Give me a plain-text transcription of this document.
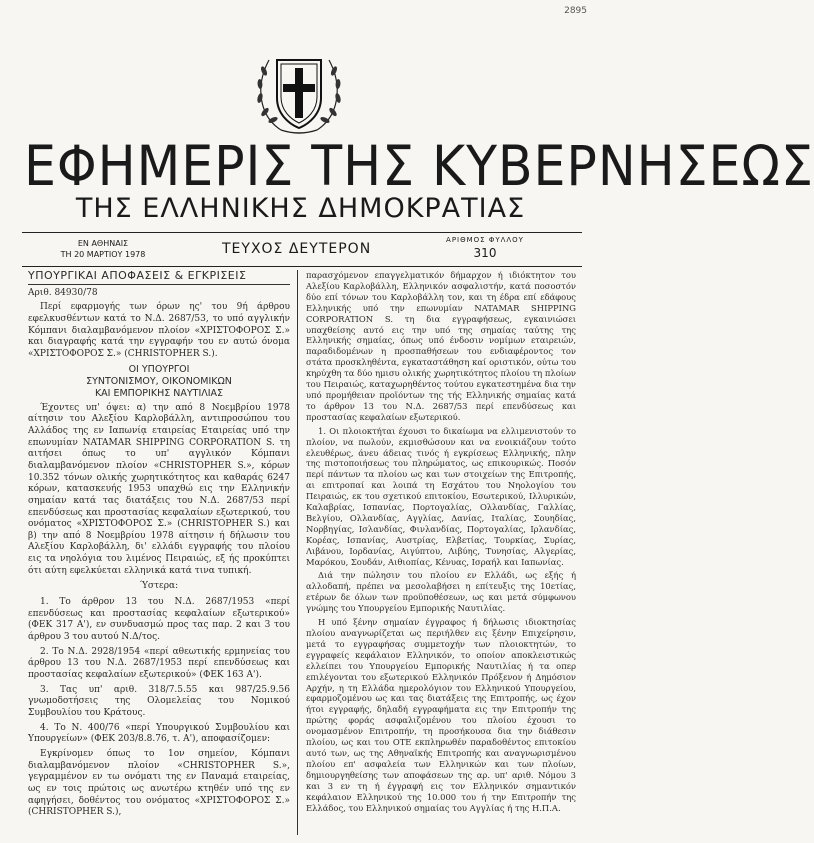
2895
ΕΦΗΜΕΡΙΣ ΤΗΣ ΚΥΒΕΡΝΗΣΕΩΣ
ΤΗΣ ΕΛΛΗΝΙΚΗΣ ΔΗΜΟΚΡΑΤΙΑΣ
ΕΝ ΑΘΗΝΑΙΣ
ΤΗ 20 ΜΑΡΤΙΟΥ 1978	ΤΕΥΧΟΣ ΔΕΥΤΕΡΟΝ
ΑΡΙΘΜΟΣ ΦΥΛΛΟΥ
310

ΥΠΟΥΡΓΙΚΑΙ ΑΠΟΦΑΣΕΙΣ & ΕΓΚΡΙΣΕΙΣ

Αριθ. 84930/78

Περί εφαρμογής των όρων ης' του 9ή άρθρου εφελκυσθέντων κατά το Ν.Δ. 2687/53, το υπό αγγλικήν Κόμπανι διαλαμβανόμενον πλοίον «ΧΡΙΣΤΟΦΟΡΟΣ Σ.» και διαγραφής κατά την εγγραφήν του εν αυτώ όνομα «ΧΡΙΣΤΟΦΟΡΟΣ Σ.» (CHRISTOPHER S.).

ΟΙ ΥΠΟΥΡΓΟΙ
ΣΥΝΤΟΝΙΣΜΟΥ, ΟΙΚΟΝΟΜΙΚΩΝ
ΚΑΙ ΕΜΠΟΡΙΚΗΣ ΝΑΥΤΙΛΙΑΣ

Έχοντες υπ' όψει: α) την από 8 Νοεμβρίου 1978 αίτησιν του Αλεξίου Καρλοβάλλη, αντιπροσώπου του Αλλάδος της εν Ιαπωνίᾳ εταιρείας Εταιρείας υπό την επωνυμίαν NATAMAR SHIPPING CORPORATION S. τη αιτήσει όπως το υπ' αγγλικόν Κόμπανι διαλαμβανόμενον πλοίον «CHRISTOPHER S.», κόρων 10.352 τόνων ολικής χωρητικότητος και καθαράς 6247 κόρων, κατασκευής 1953 υπαχθώ εις την Ελληνικήν σημαίαν κατά τας διατάξεις του Ν.Δ. 2687/53 περί επενδύσεως και προστασίας κεφαλαίων εξωτερικού, του ονόματος «ΧΡΙΣΤΟΦΟΡΟΣ Σ.» (CHRISTOPHER S.) και β) την από 8 Νοεμβρίου 1978 αίτησιν ή δήλωσιν του Αλεξίου Καρλοβάλλη, δι' ελλάδι εγγραφής του πλοίου εις τα νηολόγια του λιμένος Πειραιώς, εξ ής προκύπτει ότι αύτη εφελκύεται ελληνικά κατά τινα τυπική.

Ύστερα:

1. Το άρθρον 13 του Ν.Δ. 2687/1953 «περί επενδύσεως και προστασίας κεφαλαίων εξωτερικού» (ΦΕΚ 317 Α'), εν συνδυασμώ προς τας παρ. 2 και 3 του άρθρου 3 του αυτού Ν.Δ/τος.

2. Το Ν.Δ. 2928/1954 «περί αθεωτικής ερμηνείας του άρθρου 13 του Ν.Δ. 2687/1953 περί επενδύσεως και προστασίας κεφαλαίων εξωτερικού» (ΦΕΚ 163 Α').

3. Τας υπ' αριθ. 318/7.5.55 και 987/25.9.56 γνωμοδοτήσεις της Ολομελείας του Νομικού Συμβουλίου του Κράτους.

4. Το Ν. 400/76 «περί Υπουργικού Συμβουλίου και Υπουργείων» (ΦΕΚ 203/8.8.76, τ. Α'), αποφασίζομεν:

Εγκρίνομεν όπως το 1ον σημείον, Κόμπανι διαλαμβανόμενον πλοίον «CHRISTOPHER S.», γεγραμμένον εν τω ονόματι της εν Παναμά εταιρείας, ως εν τοις πρώτοις ως ανωτέρω κτηθέν υπό της εν αφηγήσει, δοθέντος του ονόματος «ΧΡΙΣΤΟΦΟΡΟΣ Σ.» (CHRISTOPHER S.),

παρασχόμενον επαγγελματικόν δήμαρχον ή ιδιόκτητον του Αλεξίου Καρλοβάλλη, Ελληνικόν ασφαλιστήν, κατά ποσοστόν δύο επί τόνων του Καρλοβάλλη τον, και τη έδρα επί εδάφους Ελληνικής υπό την επωνυμίαν NATAMAR SHIPPING CORPORATION S. τη δια εγγραφήσεως, εγκαινιώσει υπαχθείσης αυτό εις την υπό της σημαίας ταύτης της Ελληνικής σημαίας, όπως υπό ένδοσιν νομίμων εταιρειών, παραδιδομένων η προσπαθήσεων του ενδιαφέροντος τον στάτα προσκληθέντα, εγκαταστάθηση καί οριστικόν, ούτω του κηρύχθη τα δύο ημισυ ολικής χωρητικότητος πλοίου τη πλοίων του Πειραιώς, καταχωρηθέντος τούτου εγκατεστημένα δια την υπό προμήθειαν προϊόντων της τής Ελληνικής σημαίας κατά το άρθρον 13 του Ν.Δ. 2687/53 περί επενδύσεως και προστασίας κεφαλαίων εξωτερικού.

1. Οι πλοιοκτήται έχουσι το δικαίωμα να ελλιμενιστούν το πλοίον, να πωλούν, εκμισθώσουν και να ενοικιάζουν τούτο ελευθέρως, άνευ άδειας τινός ή εγκρίσεως Ελληνικής, πλην της πιστοποιήσεως του πληρώματος, ως επικουρικώς. Ποσόν περί πάντων τα πλοίου ως και των στοιχείων της Επιτροπής, αι επιτροπαί και λοιπά τη Εσχάτου του Νηολογίου του Πειραιώς, εκ του σχετικού επιτοκίου, Εσωτερικού, Ιλλυρικών, Καλαβρίας, Ισπανίας, Πορτογαλίας, Ολλανδίας, Γαλλίας, Βελγίου, Ολλανδίας, Αγγλίας, Δανίας, Ιταλίας, Σουηδίας, Νορβηγίας, Ισλανδίας, Φινλανδίας, Πορτογαλίας, Ιρλανδίας, Κορέας, Ισπανίας, Αυστρίας, Ελβετίας, Τουρκίας, Συρίας, Λιβάνου, Ιορδανίας, Αιγύπτου, Λιβύης, Τυνησίας, Αλγερίας, Μαρόκου, Σουδάν, Αιθιοπίας, Κένυας, Ισραήλ και Ιαπωνίας.

Διά την πώλησιν του πλοίου εν Ελλάδι, ως εξής ή αλλοδαπή, πρέπει να μεσολαβήσει η επίτευξις της 10ετίας, ετέρων δε όλων των προϋποθέσεων, ως και μετά σύμφωνου γνώμης του Υπουργείου Εμπορικής Ναυτιλίας.

Η υπό ξένην σημαίαν έγγραφος ή δήλωσις ιδιοκτησίας πλοίου αναγνωρίζεται ως περιήλθεν εις ξένην Επιχείρησιν, μετά το εγγραφήσας συμμετοχήν των πλοιοκτητών, το εγγραφείς κεφάλαιον Ελληνικόν, το οποίον αποκλειστικώς ελλείπει του Υπουργείου Εμπορικής Ναυτιλίας ή τα οπερ επιλέγονται του εξωτερικού Ελληνικόν Πρόξενον ή Δημόσιον Αρχήν, η τη Ελλάδα ημερολόγιον του Ελληνικού Υπουργείου, εφαρμοζομένου ως και τας διατάξεις της Επιτροπής, ως έχον ήτοι εγγραφής, δηλαδή εγγραφήματα εις την Επιτροπήν της πρώτης φοράς ασφαλιζομένου του πλοίου έχουσι το ονομασμένον Επιτροπήν, τη προσήκουσα δια την διάθεσιν πλοίου, ως και του ΟΤΕ εκπληρωθέν παραδοθέντος επιτοκίου αυτό των, ως της Αθηναϊκής Επιτροπής και αναγνωρισμένου πλοίου επ' ασφαλεία των Ελληνικών και των πλοίων, δημιουργηθείσης των αποφάσεων της αρ. υπ' αριθ. Νόμου 3 και 3 εν τη ή έγγραφή εις τον Ελληνικόν σημαντικόν κεφάλαιον Ελληνικού της 10.000 του ή την Επιτροπήν της Ελλάδος, του Ελληνικού σημαίας του Αγγλίας ή της Η.Π.Α.
